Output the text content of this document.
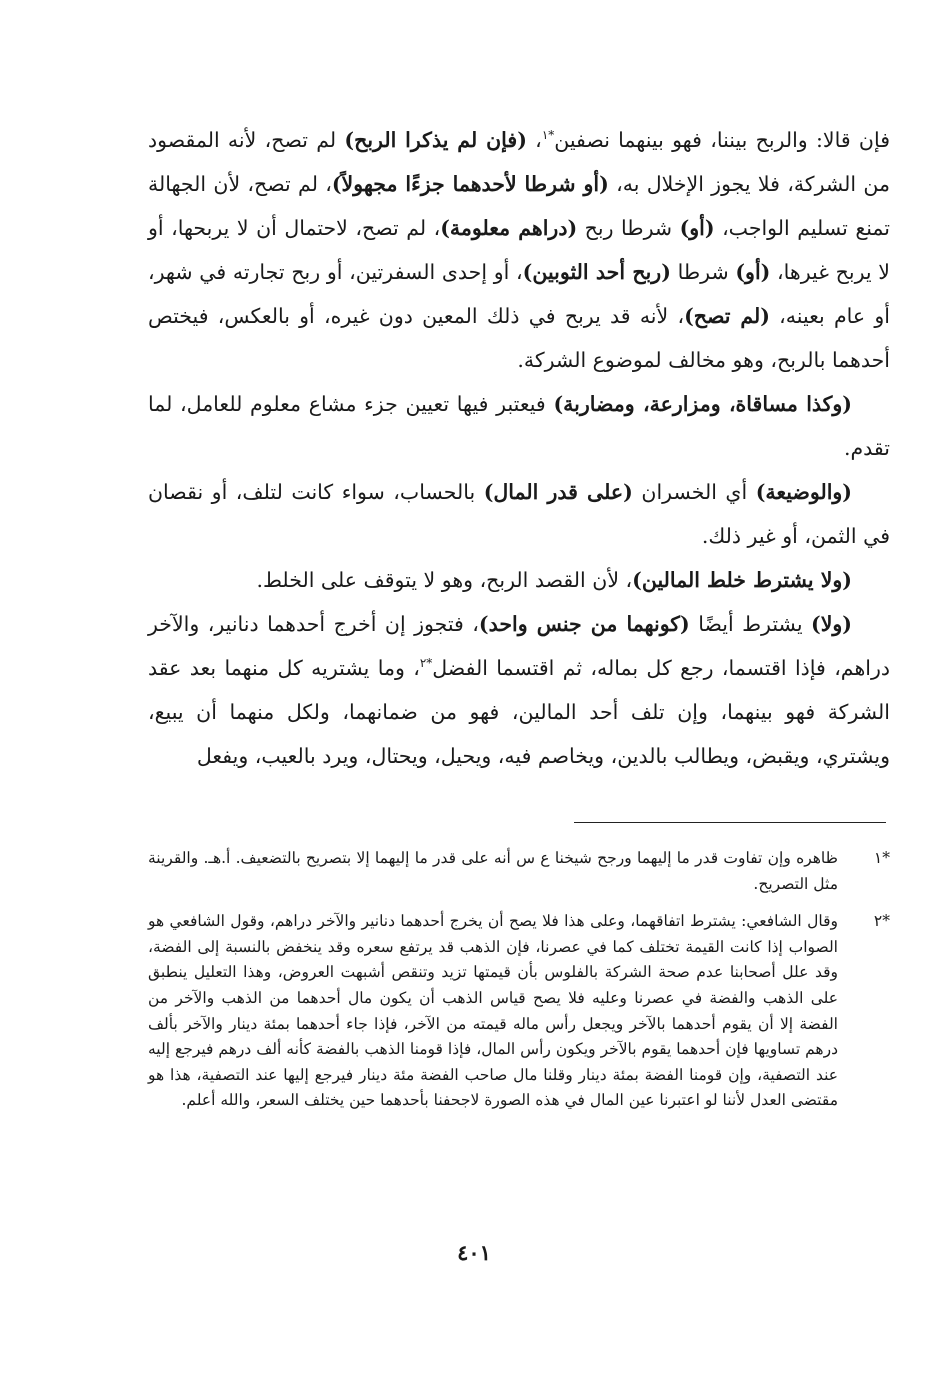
فإن قالا: والربح بيننا، فهو بينهما نصفين$^{*١}$، (فإن لم يذكرا الربح) لم تصح، لأنه المقصود من الشركة، فلا يجوز الإخلال به، (أو شرطا لأحدهما جزءًا مجهولاً)، لم تصح، لأن الجهالة تمنع تسليم الواجب، (أو) شرطا ربح (دراهم معلومة)، لم تصح، لاحتمال أن لا يربحها، أو لا يربح غيرها، (أو) شرطا (ربح أحد الثوبين)، أو إحدى السفرتين، أو ربح تجارته في شهر، أو عام بعينه، (لم تصح)، لأنه قد يربح في ذلك المعين دون غيره، أو بالعكس، فيختص أحدهما بالربح، وهو مخالف لموضوع الشركة.

(وكذا مساقاة، ومزارعة، ومضاربة) فيعتبر فيها تعيين جزء مشاع معلوم للعامل، لما تقدم.

(والوضيعة) أي الخسران (على قدر المال) بالحساب، سواء كانت لتلف، أو نقصان في الثمن، أو غير ذلك.

(ولا يشترط خلط المالين)، لأن القصد الربح، وهو لا يتوقف على الخلط.

(ولا) يشترط أيضًا (كونهما من جنس واحد)، فتجوز إن أخرج أحدهما دنانير، والآخر دراهم، فإذا اقتسما، رجع كل بماله، ثم اقتسما الفضل$^{*٢}$، وما يشتريه كل منهما بعد عقد الشركة فهو بينهما، وإن تلف أحد المالين، فهو من ضمانهما، ولكل منهما أن يبيع، ويشتري، ويقبض، ويطالب بالدين، ويخاصم فيه، ويحيل، ويحتال، ويرد بالعيب، ويفعل

*١
ظاهره وإن تفاوت قدر ما إليهما ورجح شيخنا ع س أنه على قدر ما إليهما إلا بتصريح بالتضعيف. أ.هـ. والقرينة مثل التصريح.
*٢
وقال الشافعي: يشترط اتفاقهما، وعلى هذا فلا يصح أن يخرج أحدهما دنانير والآخر دراهم، وقول الشافعي هو الصواب إذا كانت القيمة تختلف كما في عصرنا، فإن الذهب قد يرتفع سعره وقد ينخفض بالنسبة إلى الفضة، وقد علل أصحابنا عدم صحة الشركة بالفلوس بأن قيمتها تزيد وتنقص أشبهت العروض، وهذا التعليل ينطبق على الذهب والفضة في عصرنا وعليه فلا يصح قياس الذهب أن يكون مال أحدهما من الذهب والآخر من الفضة إلا أن يقوم أحدهما بالآخر ويجعل رأس ماله قيمته من الآخر، فإذا جاء أحدهما بمئة دينار والآخر بألف درهم تساويها فإن أحدهما يقوم بالآخر ويكون رأس المال، فإذا قومنا الذهب بالفضة كأنه ألف درهم فيرجع إليه عند التصفية، وإن قومنا الفضة بمئة دينار وقلنا مال صاحب الفضة مئة دينار فيرجع إليها عند التصفية، هذا هو مقتضى العدل لأننا لو اعتبرنا عين المال في هذه الصورة لاجحفنا بأحدهما حين يختلف السعر، والله أعلم.
٤٠١
